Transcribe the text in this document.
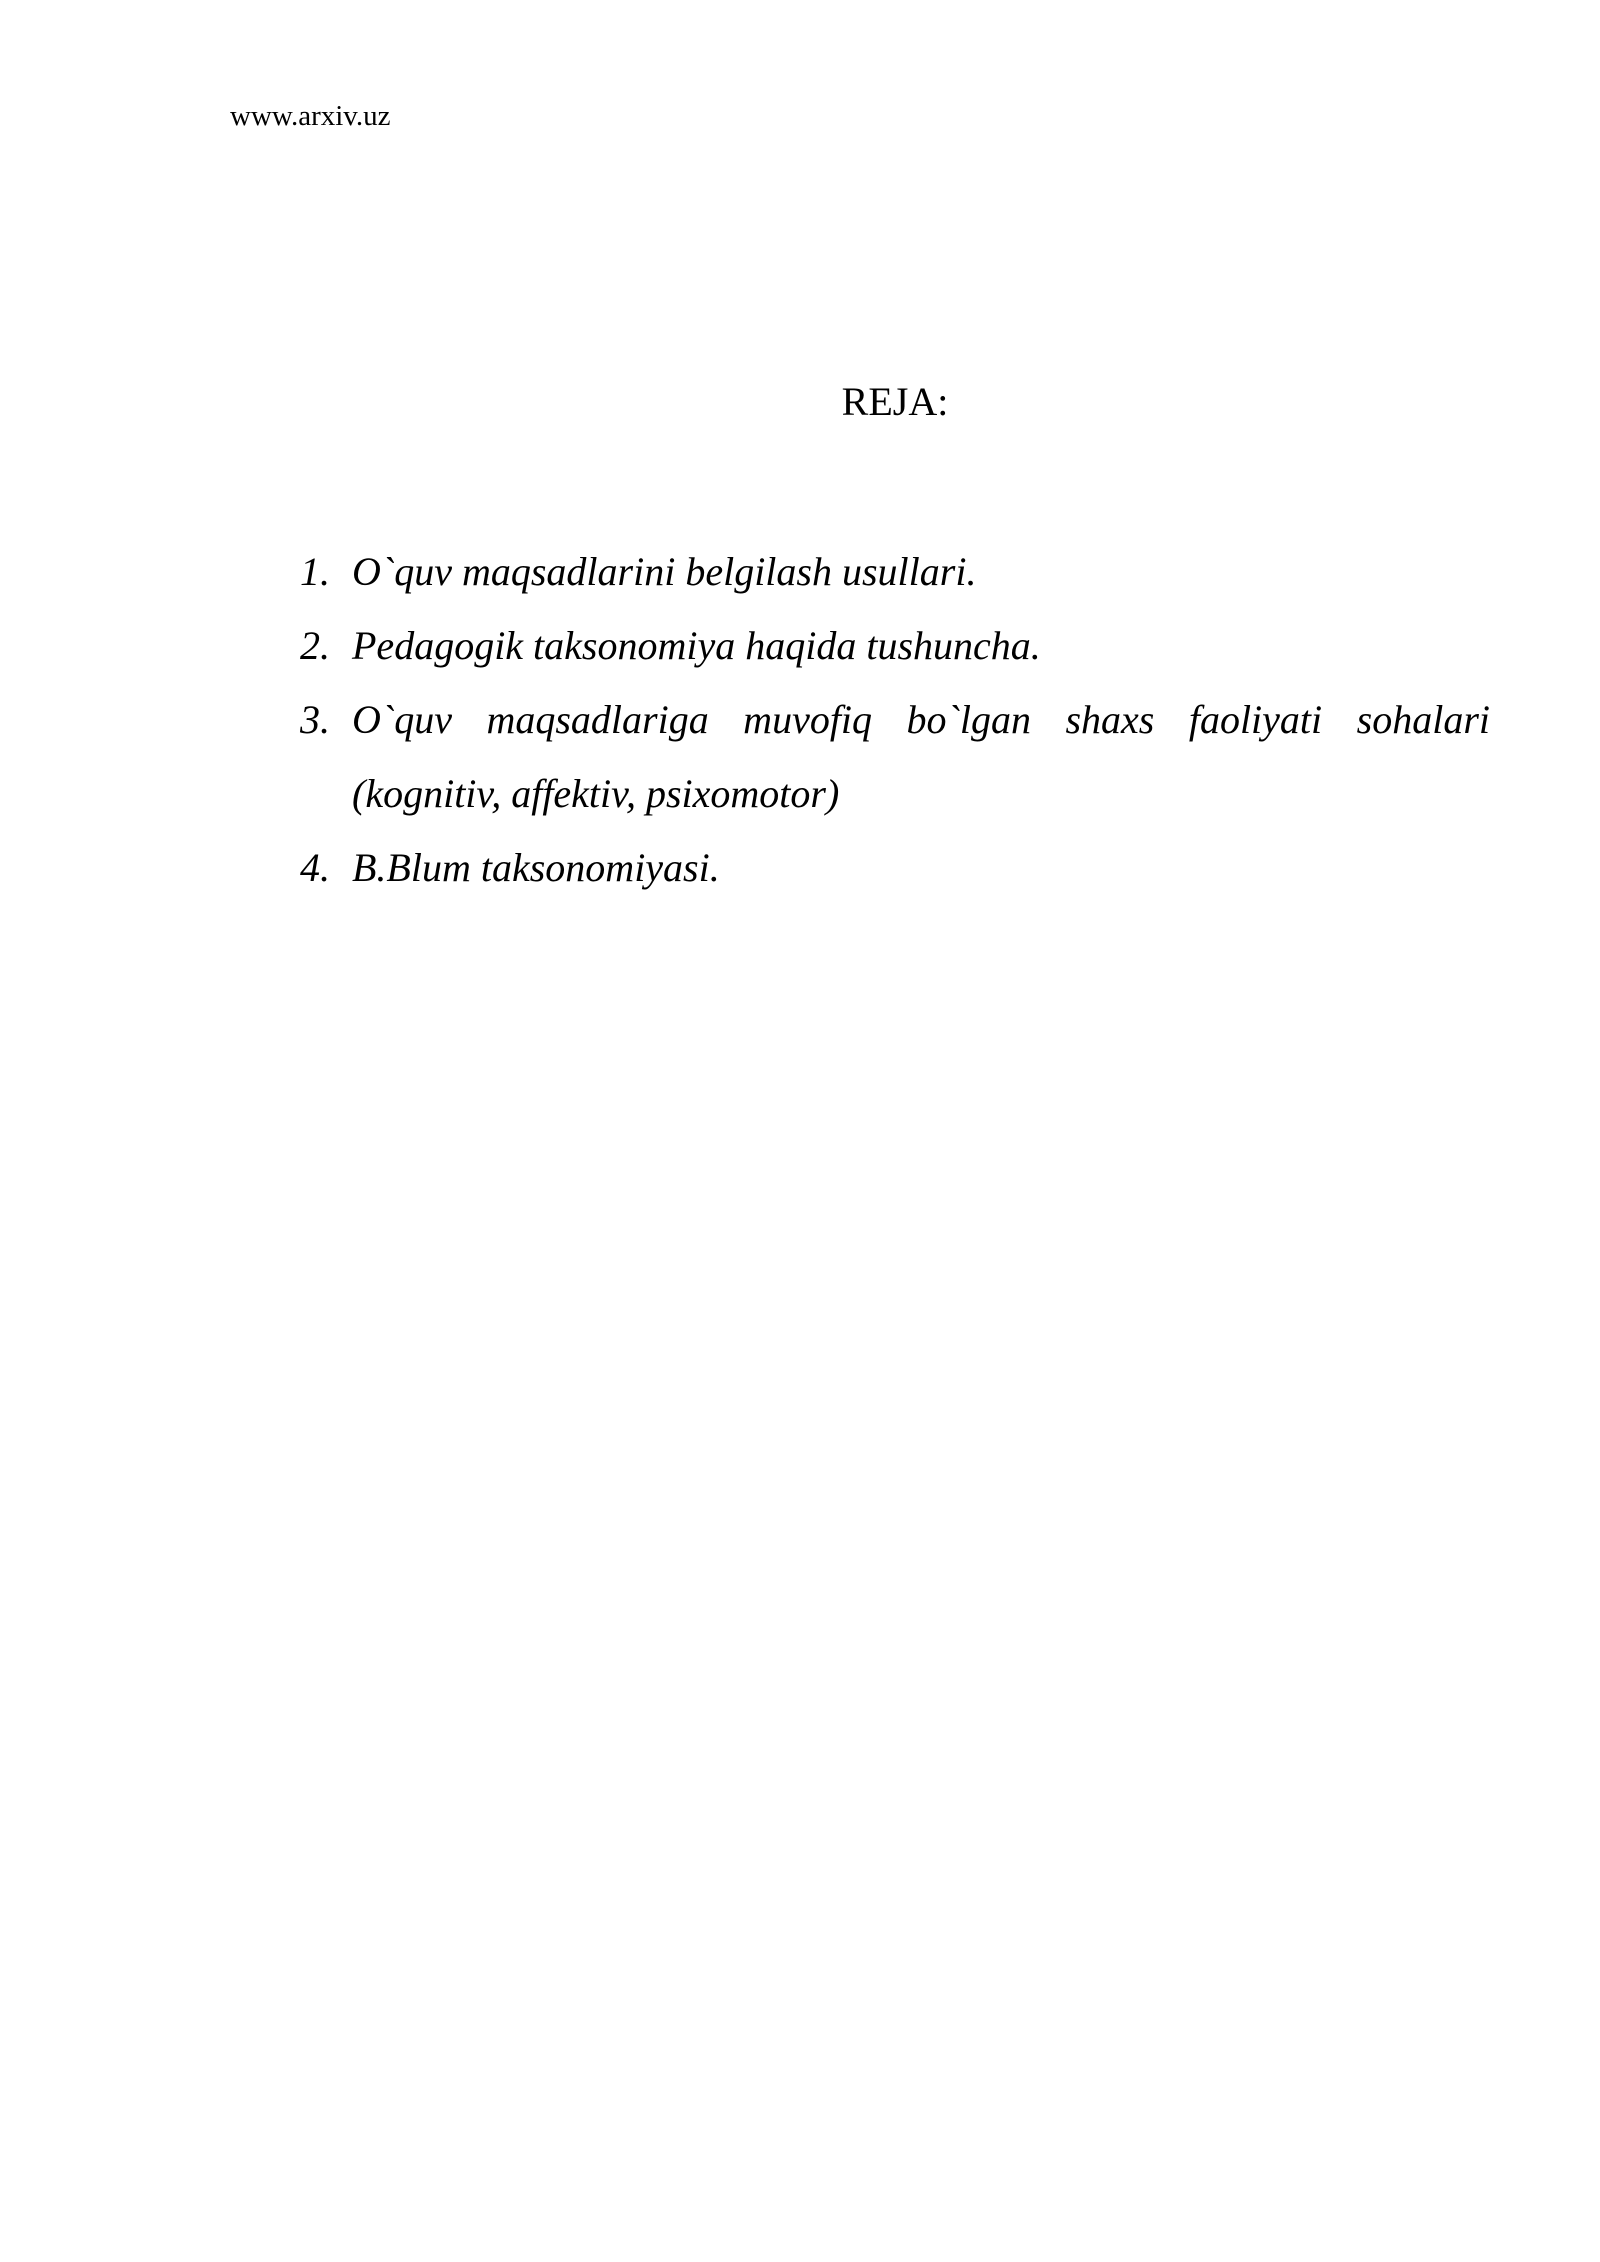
www.arxiv.uz
REJA:
1. O`quv maqsadlarini belgilash usullari.
2. Pedagogik taksonomiya haqida tushuncha.
3. O`quv maqsadlariga muvofiq bo`lgan shaxs faoliyati sohalari (kognitiv, affektiv, psixomotor)
4. B.Blum taksonomiyasi.
